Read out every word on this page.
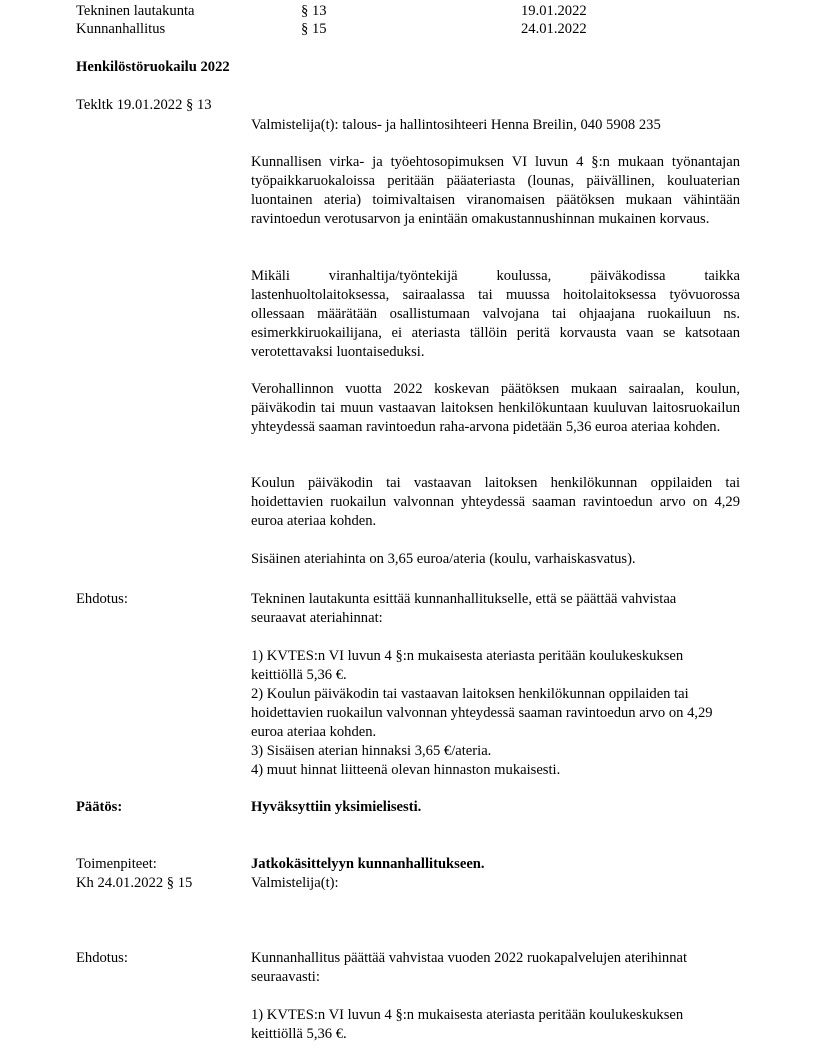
Tekninen lautakunta	§ 13	19.01.2022
Kunnanhallitus	§ 15	24.01.2022
Henkilöstöruokailu 2022
Tekltk 19.01.2022 § 13
Valmistelija(t): talous- ja hallintosihteeri Henna Breilin, 040 5908 235
Kunnallisen virka- ja työehtosopimuksen VI luvun 4 §:n mukaan työnantajan työpaikkaruokaloissa peritään pääateriasta (lounas, päivällinen, kouluaterian luontainen ateria) toimivaltaisen viranomaisen päätöksen mukaan vähintään ravintoedun verotusarvon ja enintään omakustannushinnan mukainen korvaus.
Mikäli viranhaltija/työntekijä koulussa, päiväkodissa taikka lastenhuoltolaitoksessa, sairaalassa tai muussa hoitolaitoksessa työvuorossa ollessaan määrätään osallistumaan valvojana tai ohjaajana ruokailuun ns. esimerkkiruokailijana, ei ateriasta tällöin peritä korvausta vaan se katsotaan verotettavaksi luontaiseduksi.
Verohallinnon vuotta 2022 koskevan päätöksen mukaan sairaalan, koulun, päiväkodin tai muun vastaavan laitoksen henkilökuntaan kuuluvan laitosruokailun yhteydessä saaman ravintoedun raha-arvona pidetään 5,36 euroa ateriaa kohden.
Koulun päiväkodin tai vastaavan laitoksen henkilökunnan oppilaiden tai hoidettavien ruokailun valvonnan yhteydessä saaman ravintoedun arvo on 4,29 euroa ateriaa kohden.
Sisäinen ateriahinta on 3,65 euroa/ateria (koulu, varhaiskasvatus).
Ehdotus:	Tekninen lautakunta esittää kunnanhallitukselle, että se päättää vahvistaa seuraavat ateriahinnat:
1) KVTES:n VI luvun 4 §:n mukaisesta ateriasta peritään koulukeskuksen keittiöllä 5,36 €.
2) Koulun päiväkodin tai vastaavan laitoksen henkilökunnan oppilaiden tai hoidettavien ruokailun valvonnan yhteydessä saaman ravintoedun arvo on 4,29 euroa ateriaa kohden.
3) Sisäisen aterian hinnaksi 3,65 €/ateria.
4) muut hinnat liitteenä olevan hinnaston mukaisesti.
Päätös:	Hyväksyttiin yksimielisesti.
Toimenpiteet:	Jatkokäsittelyyn kunnanhallitukseen.
Kh 24.01.2022 § 15	Valmistelija(t):
Ehdotus:	Kunnanhallitus päättää vahvistaa vuoden 2022 ruokapalvelujen aterihinnat seuraavasti:
1) KVTES:n VI luvun 4 §:n mukaisesta ateriasta peritään koulukeskuksen keittiöllä 5,36 €.
